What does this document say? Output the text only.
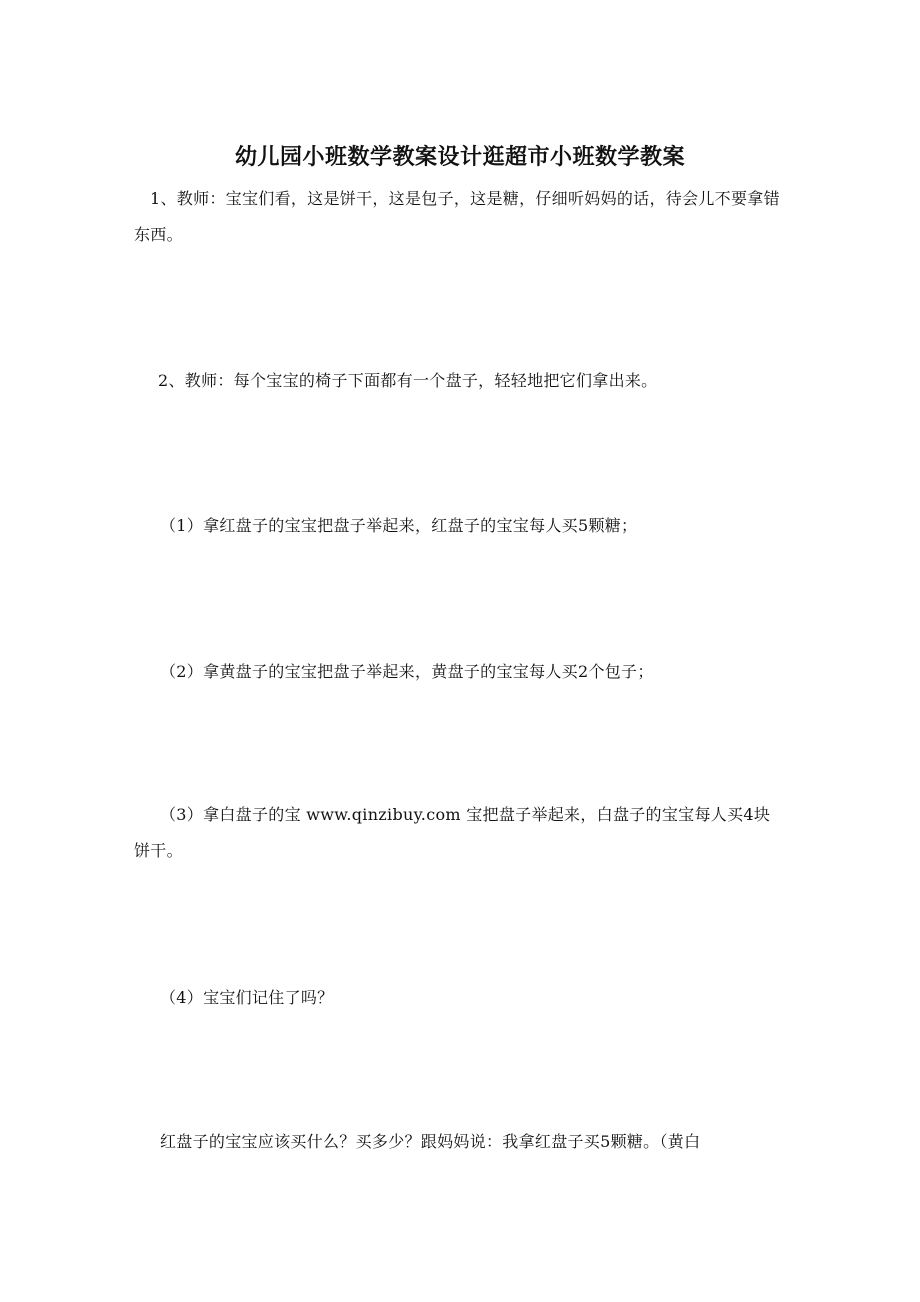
幼儿园小班数学教案设计逛超市小班数学教案
1、教师：宝宝们看，这是饼干，这是包子，这是糖，仔细听妈妈的话，待会儿不要拿错东西。
2、教师：每个宝宝的椅子下面都有一个盘子，轻轻地把它们拿出来。
（1）拿红盘子的宝宝把盘子举起来，红盘子的宝宝每人买5颗糖；
（2）拿黄盘子的宝宝把盘子举起来，黄盘子的宝宝每人买2个包子；
（3）拿白盘子的宝 www.qinzibuy.com 宝把盘子举起来，白盘子的宝宝每人买4块饼干。
（4）宝宝们记住了吗？
红盘子的宝宝应该买什么？买多少？跟妈妈说：我拿红盘子买5颗糖。（黄白
